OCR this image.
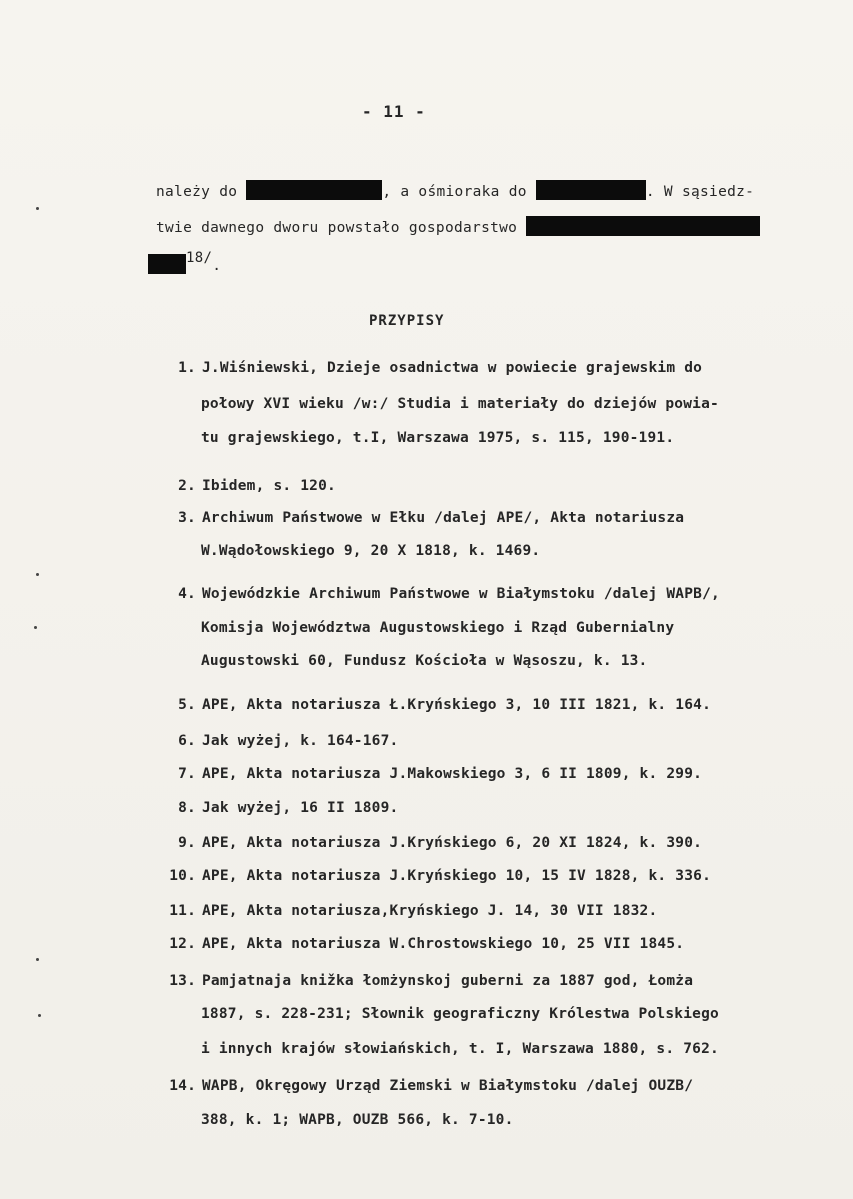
- 11 -
należy do	, a ośmioraka do	. W sąsiedz-
twie dawnego dworu powstało gospodarstwo
18/.
PRZYPISY
1. J.Wiśniewski, Dzieje osadnictwa w powiecie grajewskim do
połowy XVI wieku /w:/ Studia i materiały do dziejów powia-
tu grajewskiego, t.I, Warszawa 1975, s. 115, 190-191.
2. Ibidem, s. 120.
3. Archiwum Państwowe w Ełku /dalej APE/, Akta notariusza
W.Wądołowskiego 9, 20 X 1818, k. 1469.
4. Wojewódzkie Archiwum Państwowe w Białymstoku /dalej WAPB/,
Komisja Województwa Augustowskiego i Rząd Gubernialny
Augustowski 60, Fundusz Kościoła w Wąsoszu, k. 13.
5. APE, Akta notariusza Ł.Kryńskiego 3, 10 III 1821, k. 164.
6. Jak wyżej, k. 164-167.
7. APE, Akta notariusza J.Makowskiego 3, 6 II 1809, k. 299.
8. Jak wyżej, 16 II 1809.
9. APE, Akta notariusza J.Kryńskiego 6, 20 XI 1824, k. 390.
10. APE, Akta notariusza J.Kryńskiego 10, 15 IV 1828, k. 336.
11. APE, Akta notariusza,Kryńskiego J. 14, 30 VII 1832.
12. APE, Akta notariusza W.Chrostowskiego 10, 25 VII 1845.
13. Pamjatnaja knižka łomżynskoj guberni za 1887 god, Łomża
1887, s. 228-231; Słownik geograficzny Królestwa Polskiego
i innych krajów słowiańskich, t. I, Warszawa 1880, s. 762.
14. WAPB, Okręgowy Urząd Ziemski w Białymstoku /dalej OUZB/
388, k. 1; WAPB, OUZB 566, k. 7-10.
